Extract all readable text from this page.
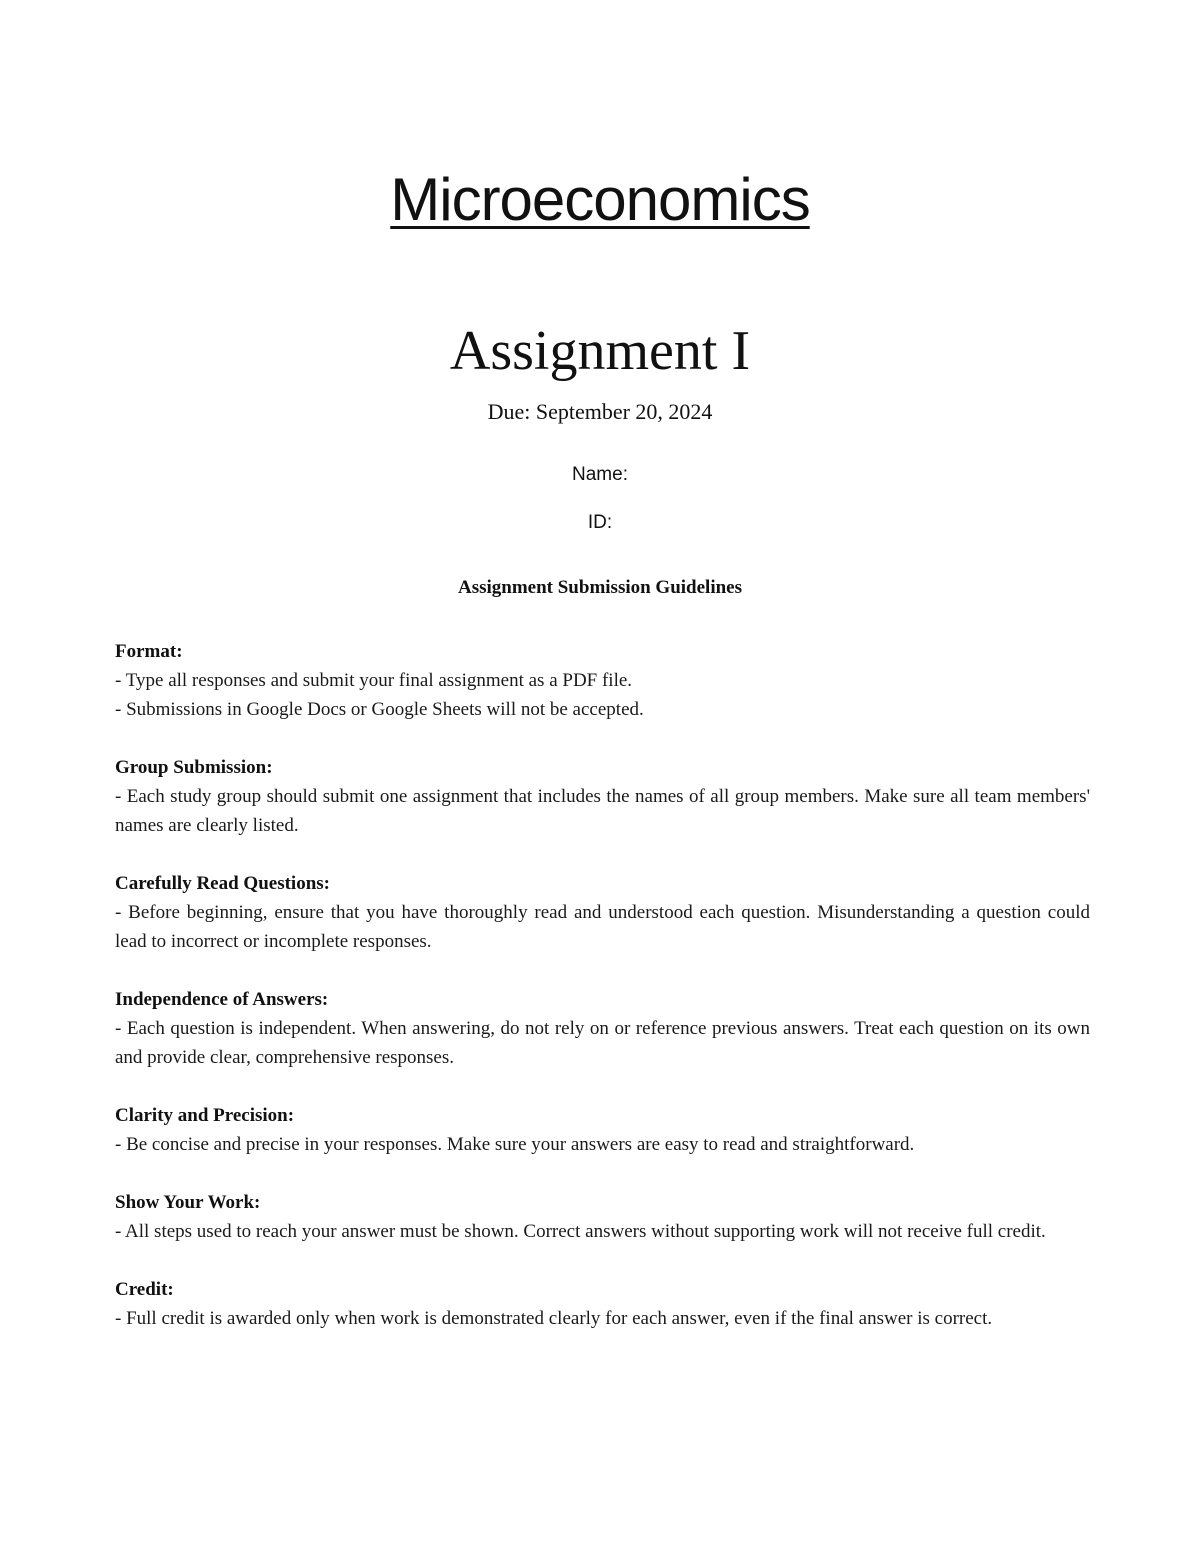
Microeconomics
Assignment I
Due: September 20, 2024
Name:
ID:
Assignment Submission Guidelines

Format:

- Type all responses and submit your final assignment as a PDF file.

- Submissions in Google Docs or Google Sheets will not be accepted.

Group Submission:

- Each study group should submit one assignment that includes the names of all group members. Make sure all team members' names are clearly listed.

Carefully Read Questions:

- Before beginning, ensure that you have thoroughly read and understood each question. Misunderstanding a question could lead to incorrect or incomplete responses.

Independence of Answers:

- Each question is independent. When answering, do not rely on or reference previous answers. Treat each question on its own and provide clear, comprehensive responses.

Clarity and Precision:

- Be concise and precise in your responses. Make sure your answers are easy to read and straightforward.

Show Your Work:

- All steps used to reach your answer must be shown. Correct answers without supporting work will not receive full credit.

Credit:

- Full credit is awarded only when work is demonstrated clearly for each answer, even if the final answer is correct.
